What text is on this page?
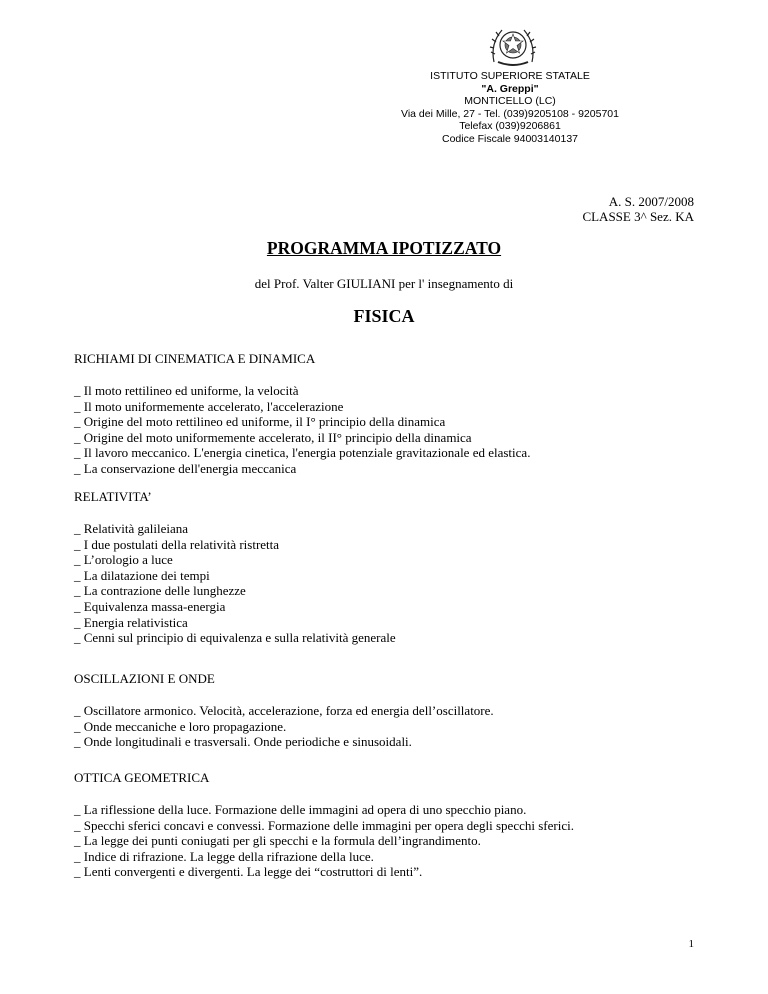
ISTITUTO SUPERIORE STATALE
"A. Greppi"
MONTICELLO (LC)
Via dei Mille, 27 - Tel. (039)9205108 - 9205701
Telefax (039)9206861
Codice Fiscale 94003140137
A. S. 2007/2008
CLASSE 3^ Sez. KA
PROGRAMMA IPOTIZZATO
del Prof. Valter GIULIANI per l' insegnamento di
FISICA

RICHIAMI DI CINEMATICA E DINAMICA

_ Il moto rettilineo ed uniforme, la velocità
_ Il moto uniformemente accelerato, l'accelerazione
_ Origine del moto rettilineo ed uniforme, il I° principio della dinamica
_ Origine del moto uniformemente accelerato, il II° principio della dinamica
_ Il lavoro meccanico. L'energia cinetica, l'energia potenziale gravitazionale ed elastica.
_ La conservazione dell'energia meccanica

RELATIVITA’

_ Relatività galileiana
_ I due postulati della relatività ristretta
_ L’orologio a luce
_ La dilatazione dei tempi
_ La contrazione delle lunghezze
_ Equivalenza massa-energia
_ Energia relativistica
_ Cenni sul principio di equivalenza e sulla relatività generale

OSCILLAZIONI E ONDE

_ Oscillatore armonico. Velocità, accelerazione, forza ed energia dell’oscillatore.
_ Onde meccaniche e loro propagazione.
_ Onde longitudinali e trasversali. Onde periodiche e sinusoidali.

OTTICA GEOMETRICA

_ La riflessione della luce. Formazione delle immagini ad opera di uno specchio piano.
_ Specchi sferici concavi e convessi. Formazione delle immagini per opera degli specchi sferici.
_ La legge dei punti coniugati per gli specchi e la formula dell’ingrandimento.
_ Indice di rifrazione. La legge della rifrazione della luce.
_ Lenti convergenti e divergenti. La legge dei “costruttori di lenti”.
1
